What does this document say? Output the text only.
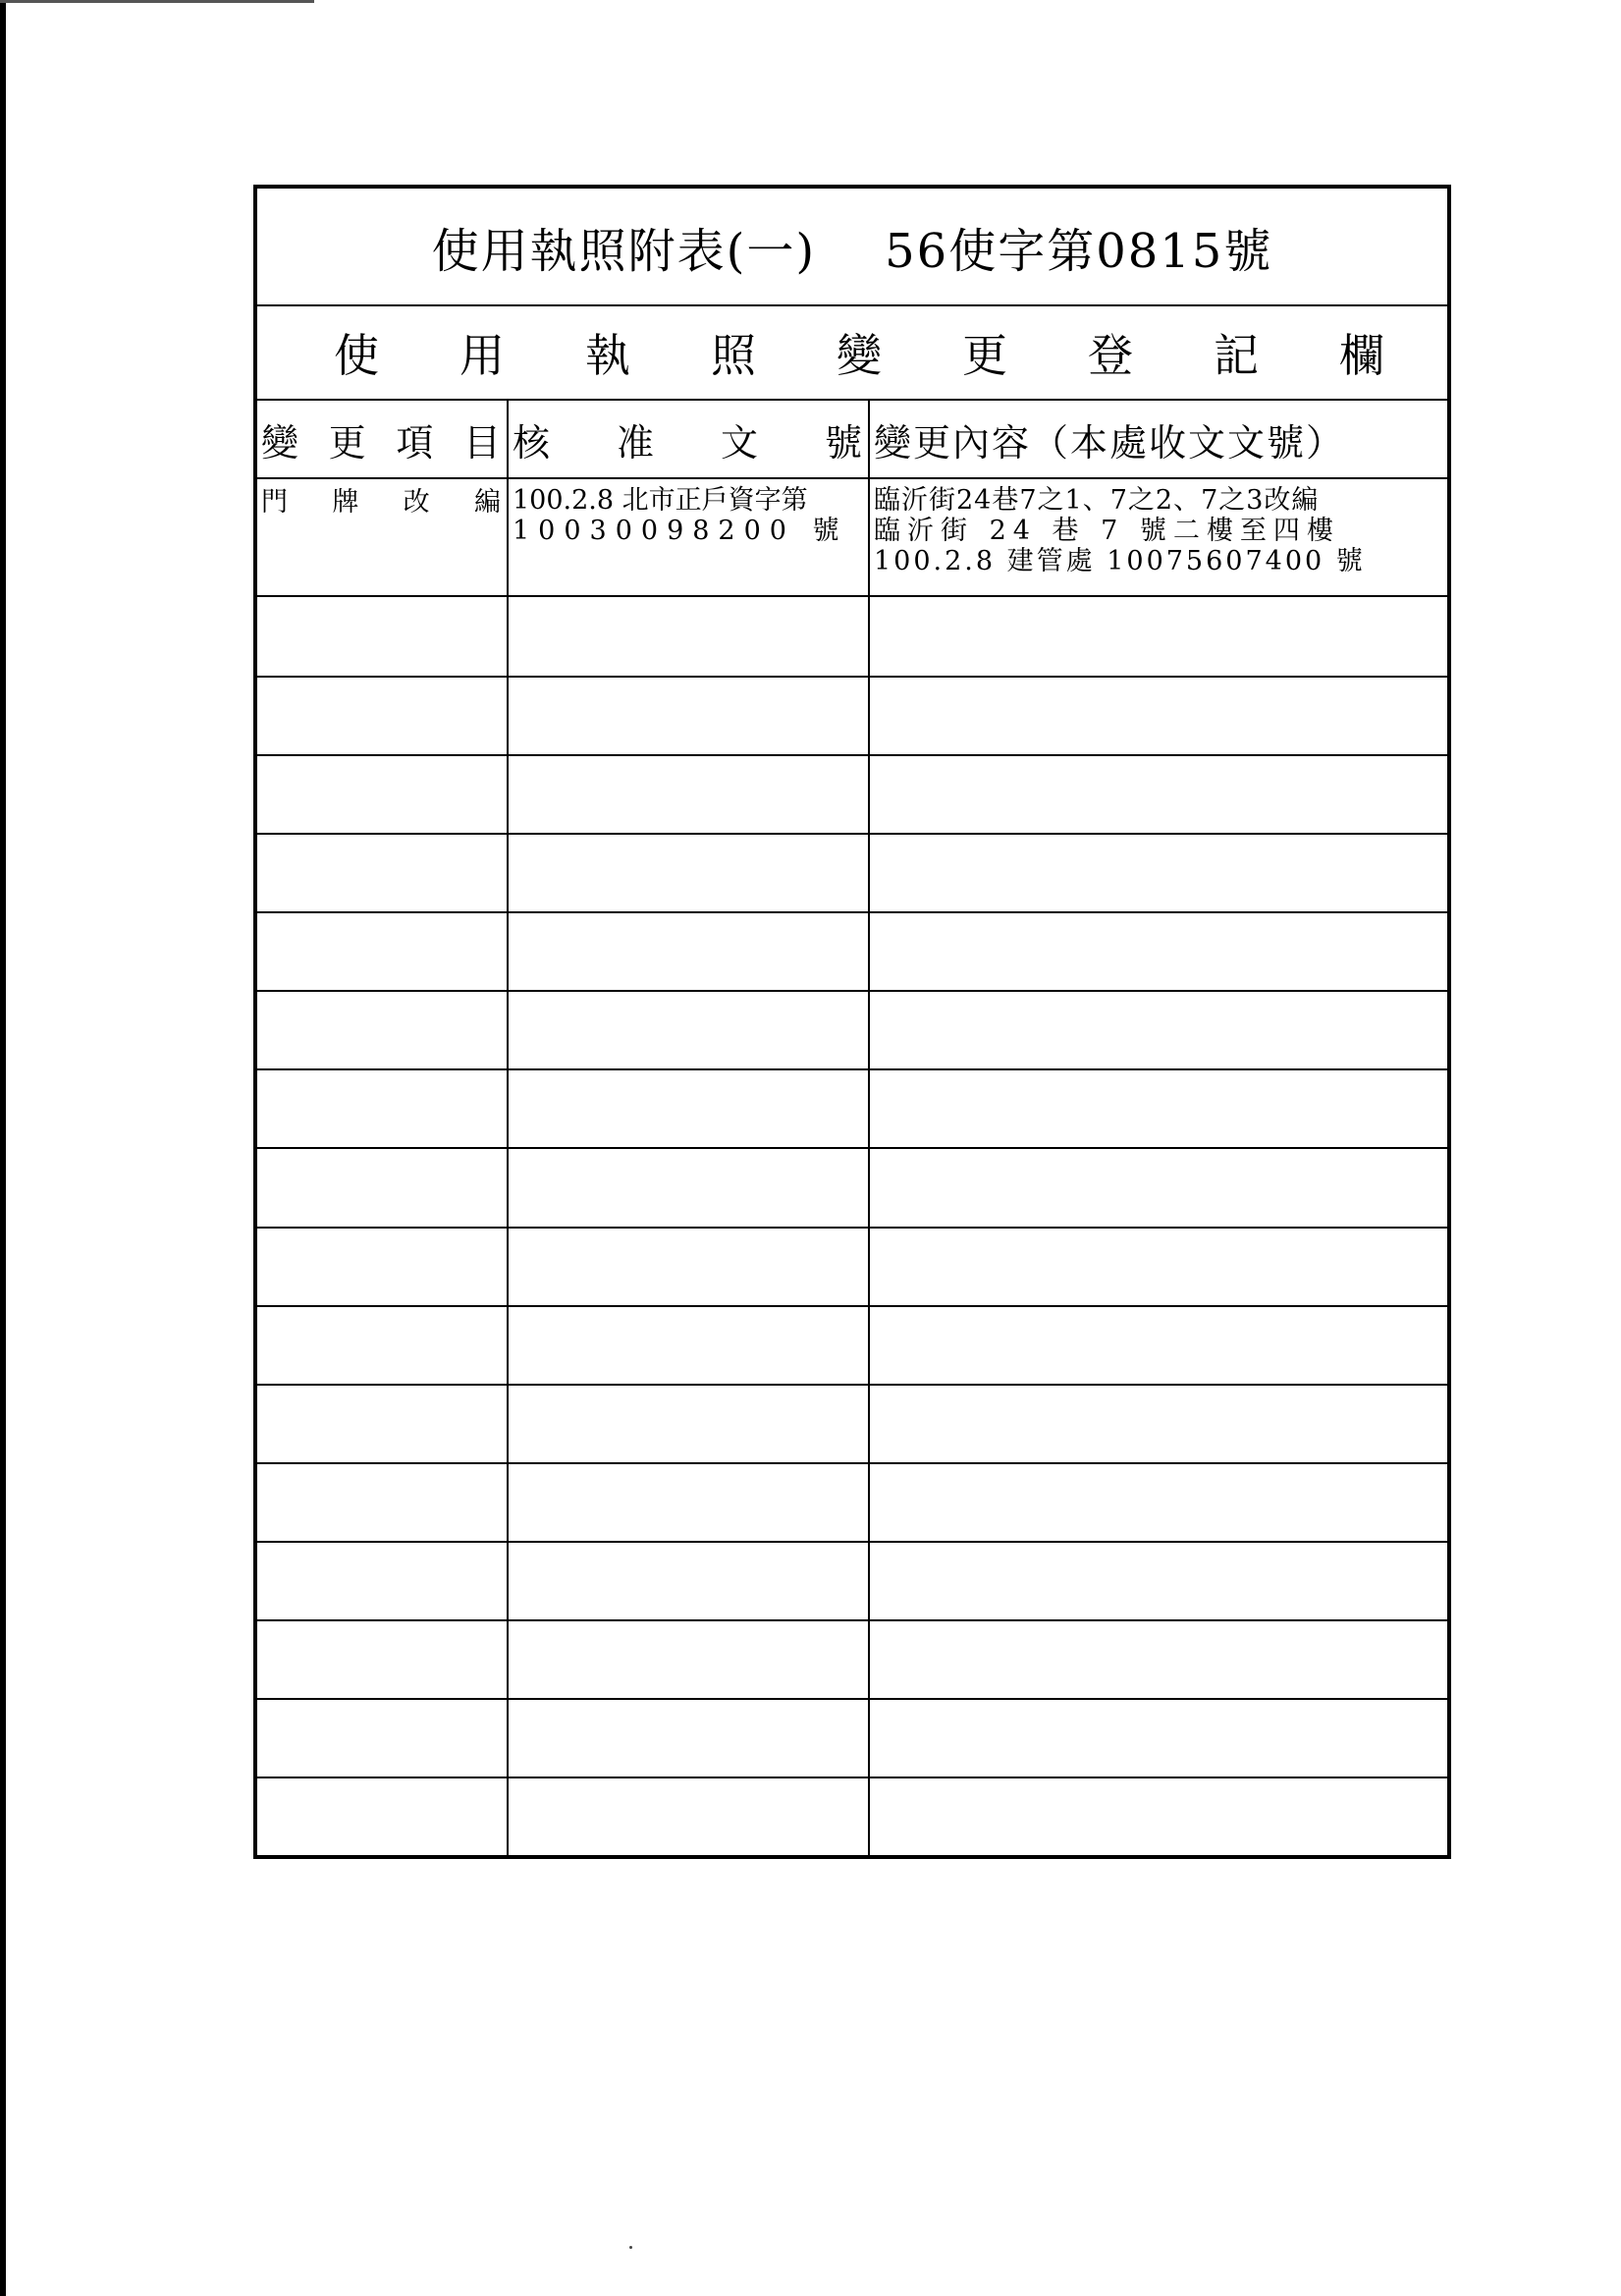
使用執照附表(一) 56使字第0815號
使 用 執 照 變 更 登 記 欄
變 更 項 目 核 准 文 號 變更內容（本處收文文號）
門 牌 改 編 100.2.8 北市正戶資字第
10030098200 號
臨沂街24巷7之1、7之2、7之3改編
臨沂街 24 巷 7 號二樓至四樓
100.2.8 建管處 10075607400 號
